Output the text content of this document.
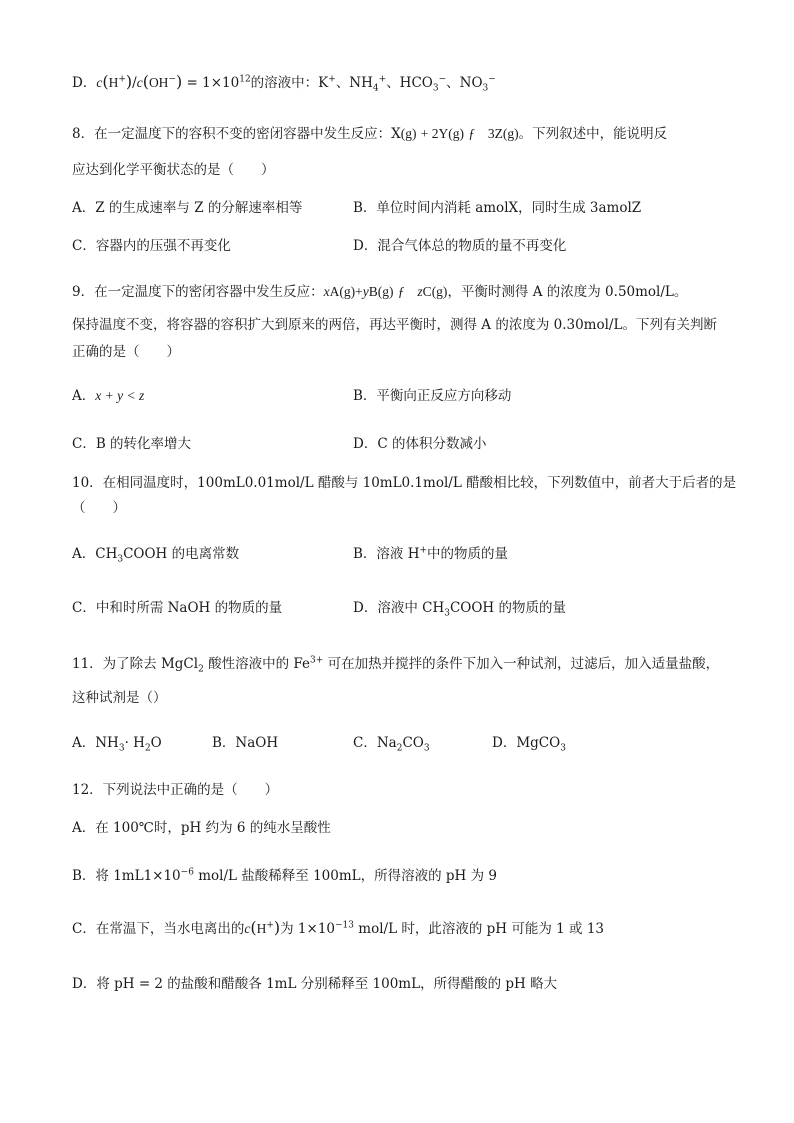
D．$c(H^+)/c(OH^-) = 1\times 10^{12}$的溶液中：K+、$NH_4^+$、$HCO_3^-$、$NO_3^-$
8．在一定温度下的容积不变的密闭容器中发生反应：X(g) + 2Y(g) ƒ 3Z(g)。下列叙述中，能说明反
应达到化学平衡状态的是（　　）
A．Z 的生成速率与 Z 的分解速率相等	B．单位时间内消耗 amolX，同时生成 3amolZ
C．容器内的压强不再变化	D．混合气体总的物质的量不再变化
9．在一定温度下的密闭容器中发生反应：xA(g)+yB(g) ƒ zC(g)，平衡时测得 A 的浓度为 0.50mol/L。
保持温度不变，将容器的容积扩大到原来的两倍，再达平衡时，测得 A 的浓度为 0.30mol/L。下列有关判断
正确的是（　　）
A．x + y < z	B．平衡向正反应方向移动
C．B 的转化率增大	D．C 的体积分数减小
10．在相同温度时，100mL0.01mol/L 醋酸与 10mL0.1mol/L 醋酸相比较，下列数值中，前者大于后者的是
（　　）
A．$CH_3COOH$ 的电离常数	B．溶液 H+中的物质的量
C．中和时所需 NaOH 的物质的量	D．溶液中 $CH_3COOH$ 的物质的量
11．为了除去 MgCl$_2$ 酸性溶液中的 $Fe^{3+}$ 可在加热并搅拌的条件下加入一种试剂，过滤后，加入适量盐酸，
这种试剂是（）
A．$NH_3\cdot H_2O$	B．NaOH	C．$Na_2CO_3$	D．MgCO$_3$
12．下列说法中正确的是（　　）
A．在 100℃时，pH 约为 6 的纯水呈酸性
B．将 $1mL1\times 10^{-6}$ mol/L 盐酸稀释至 100mL，所得溶液的 pH 为 9
C．在常温下，当水电离出的c(H+)为 $1\times 10^{-13}$ mol/L 时，此溶液的 pH 可能为 1 或 13
D．将 pH = 2 的盐酸和醋酸各 1mL 分别稀释至 100mL，所得醋酸的 pH 略大
